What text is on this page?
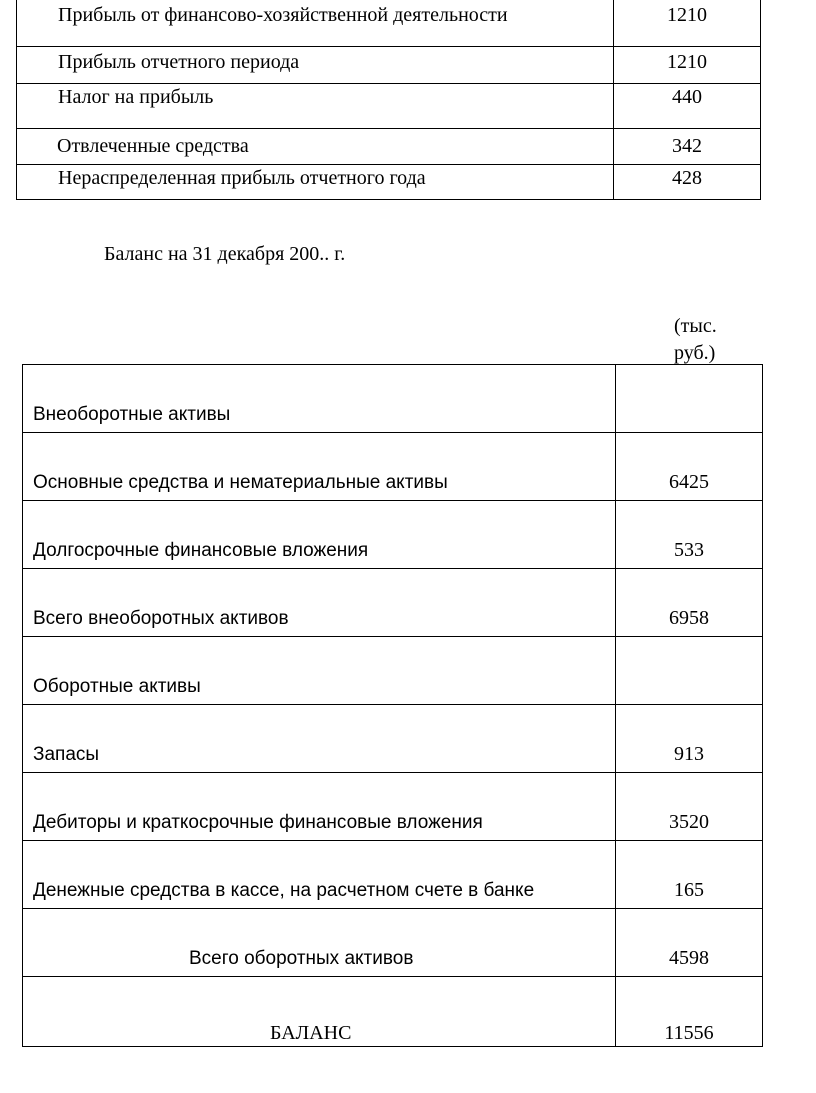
Прибыль от финансово-хозяйственной деятельности	1210
Прибыль отчетного периода	1210
Налог на прибыль	440
Отвлеченные средства	342
Нераспределенная прибыль отчетного года	428
Баланс на 31 декабря 200.. г.
(тыс.
руб.)
Внеоборотные активы	
Основные средства и нематериальные активы	6425
Долгосрочные финансовые вложения	533
Всего внеоборотных активов	6958
Оборотные активы	
Запасы	913
Дебиторы и краткосрочные финансовые вложения	3520
Денежные средства в кассе, на расчетном счете в банке	165
Всего оборотных активов	4598
БАЛАНС	11556
